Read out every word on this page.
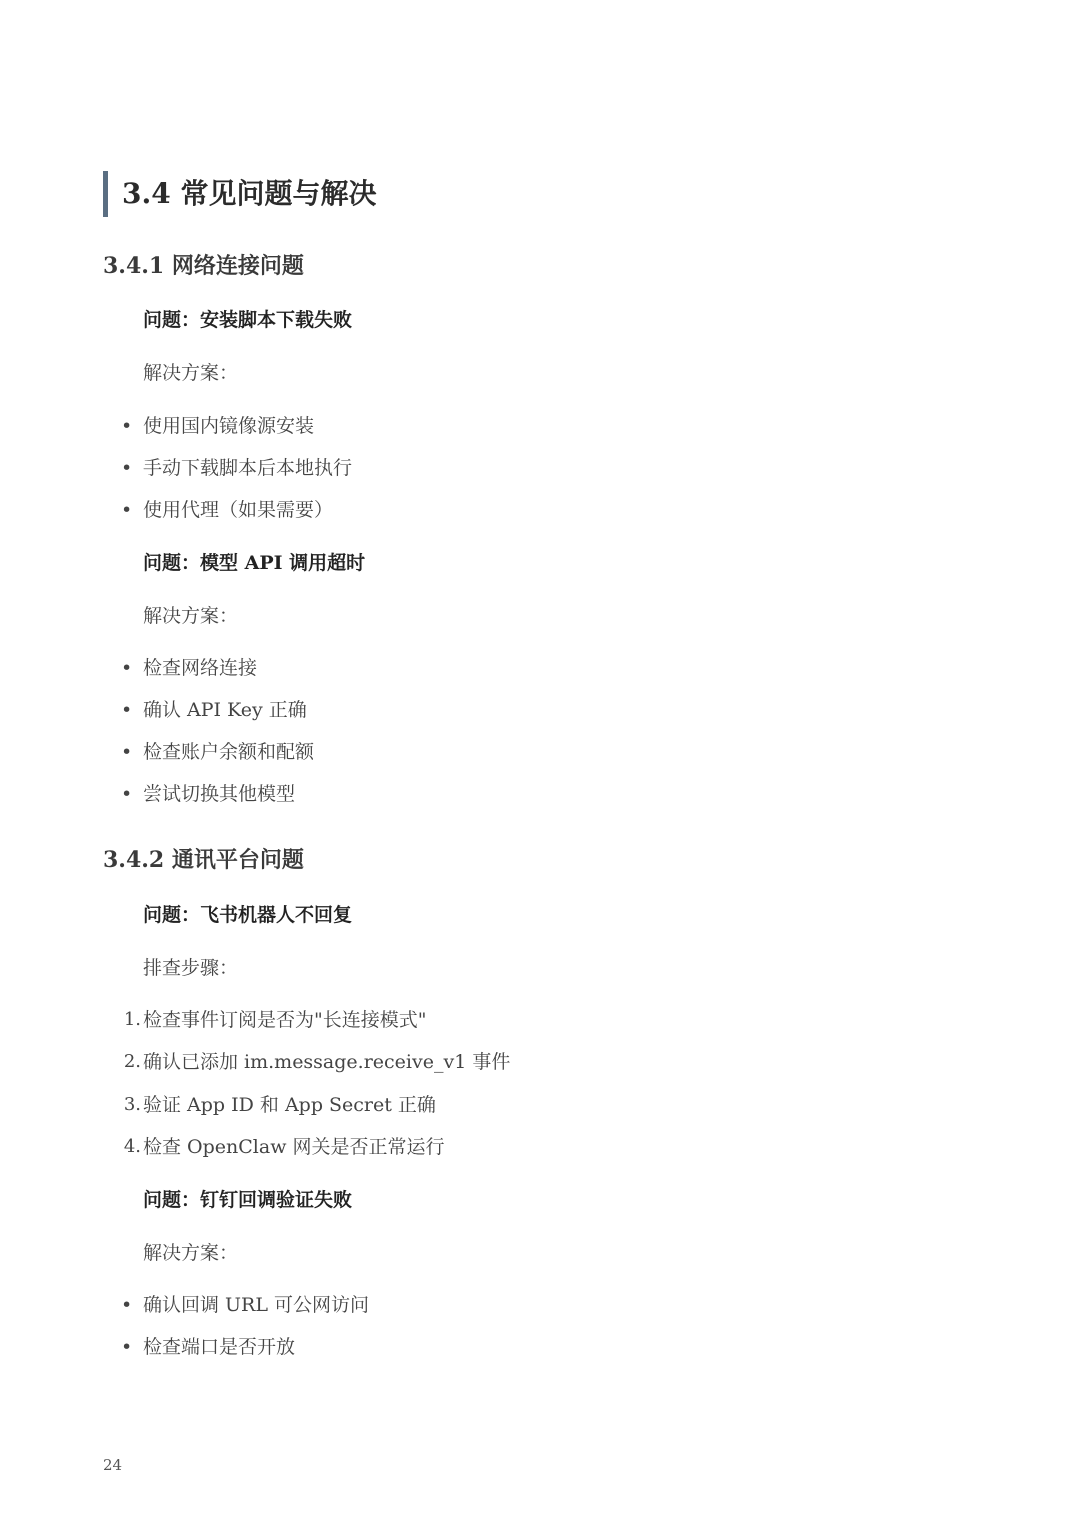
3.4 常见问题与解决
3.4.1 网络连接问题
问题：安装脚本下载失败
解决方案：
• 使用国内镜像源安装
• 手动下载脚本后本地执行
• 使用代理（如果需要）
问题：模型 API 调用超时
解决方案：
• 检查网络连接
• 确认 API Key 正确
• 检查账户余额和配额
• 尝试切换其他模型
3.4.2 通讯平台问题
问题：飞书机器人不回复
排查步骤：
1. 检查事件订阅是否为"长连接模式"
2. 确认已添加 im.message.receive_v1 事件
3. 验证 App ID 和 App Secret 正确
4. 检查 OpenClaw 网关是否正常运行
问题：钉钉回调验证失败
解决方案：
• 确认回调 URL 可公网访问
• 检查端口是否开放
24
